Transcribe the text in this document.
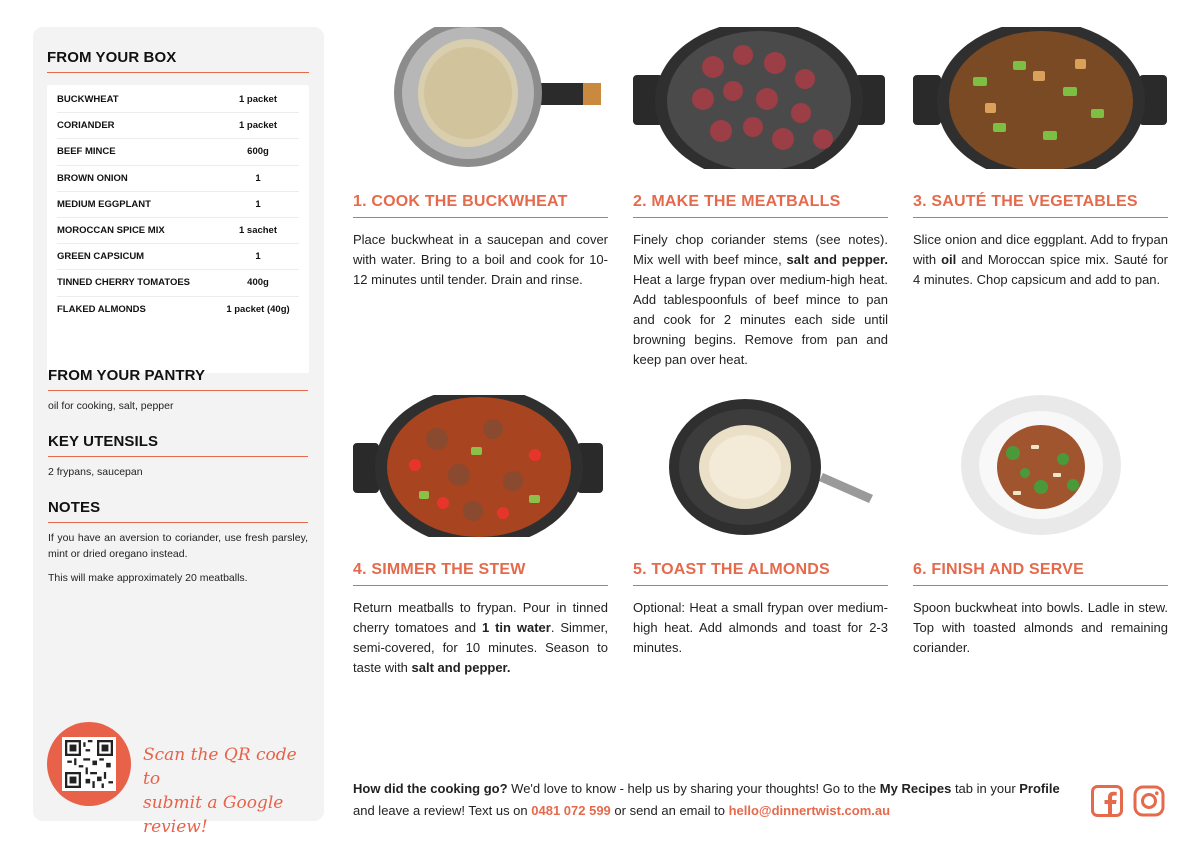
FROM YOUR BOX
BUCKWHEAT	1 packet
CORIANDER	1 packet
BEEF MINCE	600g
BROWN ONION	1
MEDIUM EGGPLANT	1
MOROCCAN SPICE MIX	1 sachet
GREEN CAPSICUM	1
TINNED CHERRY TOMATOES	400g
FLAKED ALMONDS	1 packet (40g)
FROM YOUR PANTRY
oil for cooking, salt, pepper
KEY UTENSILS
2 frypans, saucepan
NOTES

If you have an aversion to coriander, use fresh parsley, mint or dried oregano instead.

This will make approximately 20 meatballs.

Scan the QR code to
submit a Google review!
1. COOK THE BUCKWHEAT
Place buckwheat in a saucepan and cover with water. Bring to a boil and cook for 10-12 minutes until tender. Drain and rinse.
2. MAKE THE MEATBALLS
Finely chop coriander stems (see notes). Mix well with beef mince, salt and pepper. Heat a large frypan over medium-high heat. Add tablespoonfuls of beef mince to pan and cook for 2 minutes each side until browning begins. Remove from pan and keep pan over heat.
3. SAUTÉ THE VEGETABLES
Slice onion and dice eggplant. Add to frypan with oil and Moroccan spice mix. Sauté for 4 minutes. Chop capsicum and add to pan.
4. SIMMER THE STEW
Return meatballs to frypan. Pour in tinned cherry tomatoes and 1 tin water. Simmer, semi-covered, for 10 minutes. Season to taste with salt and pepper.
5. TOAST THE ALMONDS
Optional: Heat a small frypan over medium-high heat. Add almonds and toast for 2-3 minutes.
6. FINISH AND SERVE
Spoon buckwheat into bowls. Ladle in stew. Top with toasted almonds and remaining coriander.
How did the cooking go? We'd love to know - help us by sharing your thoughts! Go to the My Recipes tab in your Profile and leave a review! Text us on 0481 072 599 or send an email to hello@dinnertwist.com.au
